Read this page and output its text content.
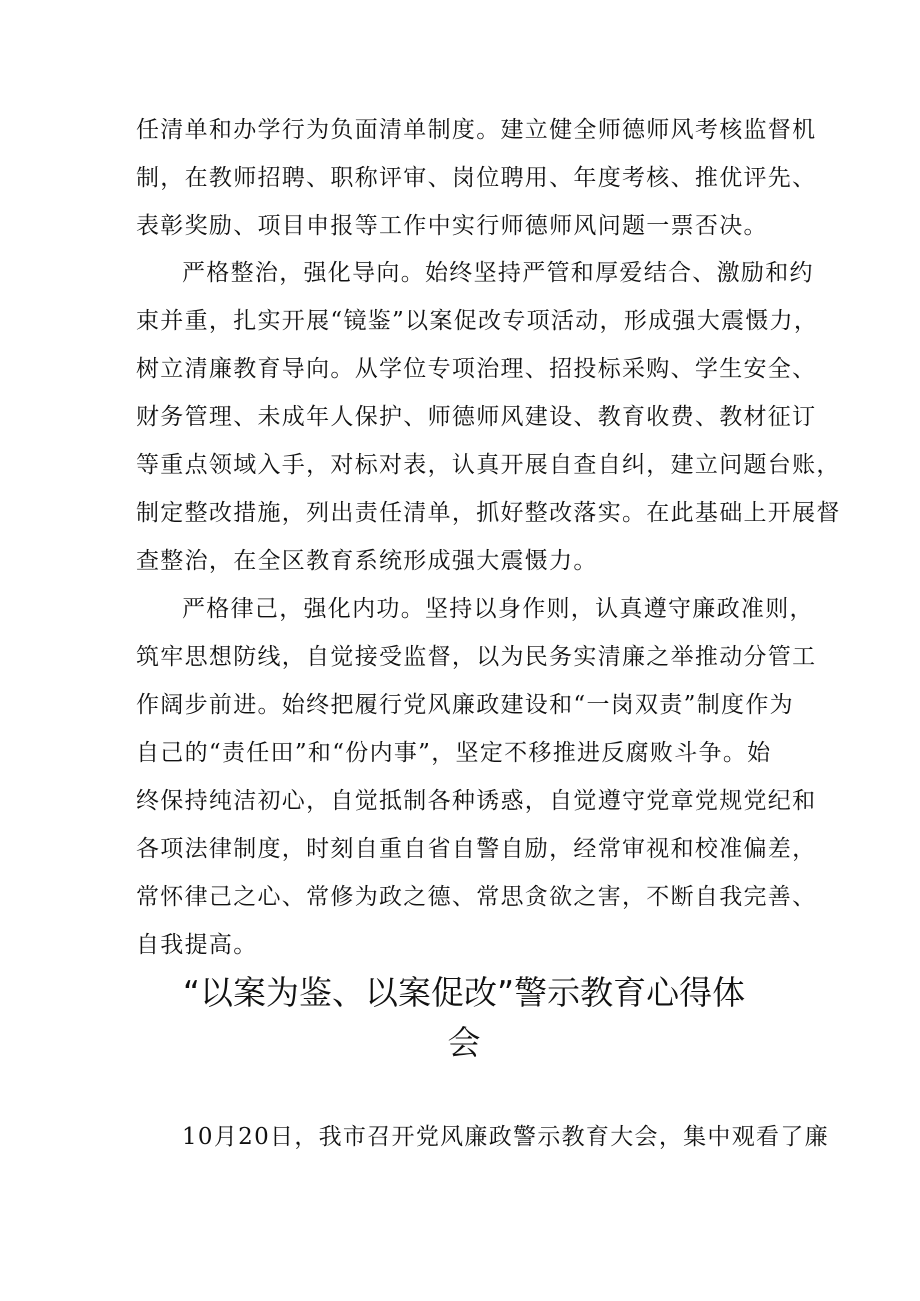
任清单和办学行为负面清单制度。建立健全师德师风考核监督机
制，在教师招聘、职称评审、岗位聘用、年度考核、推优评先、
表彰奖励、项目申报等工作中实行师德师风问题一票否决。
严格整治，强化导向。始终坚持严管和厚爱结合、激励和约
束并重，扎实开展“镜鉴”以案促改专项活动，形成强大震慑力，
树立清廉教育导向。从学位专项治理、招投标采购、学生安全、
财务管理、未成年人保护、师德师风建设、教育收费、教材征订
等重点领域入手，对标对表，认真开展自查自纠，建立问题台账，
制定整改措施，列出责任清单，抓好整改落实。在此基础上开展督
查整治，在全区教育系统形成强大震慑力。
严格律己，强化内功。坚持以身作则，认真遵守廉政准则，
筑牢思想防线，自觉接受监督，以为民务实清廉之举推动分管工
作阔步前进。始终把履行党风廉政建设和“一岗双责”制度作为
自己的“责任田”和“份内事”，坚定不移推进反腐败斗争。始
终保持纯洁初心，自觉抵制各种诱惑，自觉遵守党章党规党纪和
各项法律制度，时刻自重自省自警自励，经常审视和校准偏差，
常怀律己之心、常修为政之德、常思贪欲之害，不断自我完善、
自我提高。
“以案为鉴、以案促改”警示教育心得体
会
10月20日，我市召开党风廉政警示教育大会，集中观看了廉
